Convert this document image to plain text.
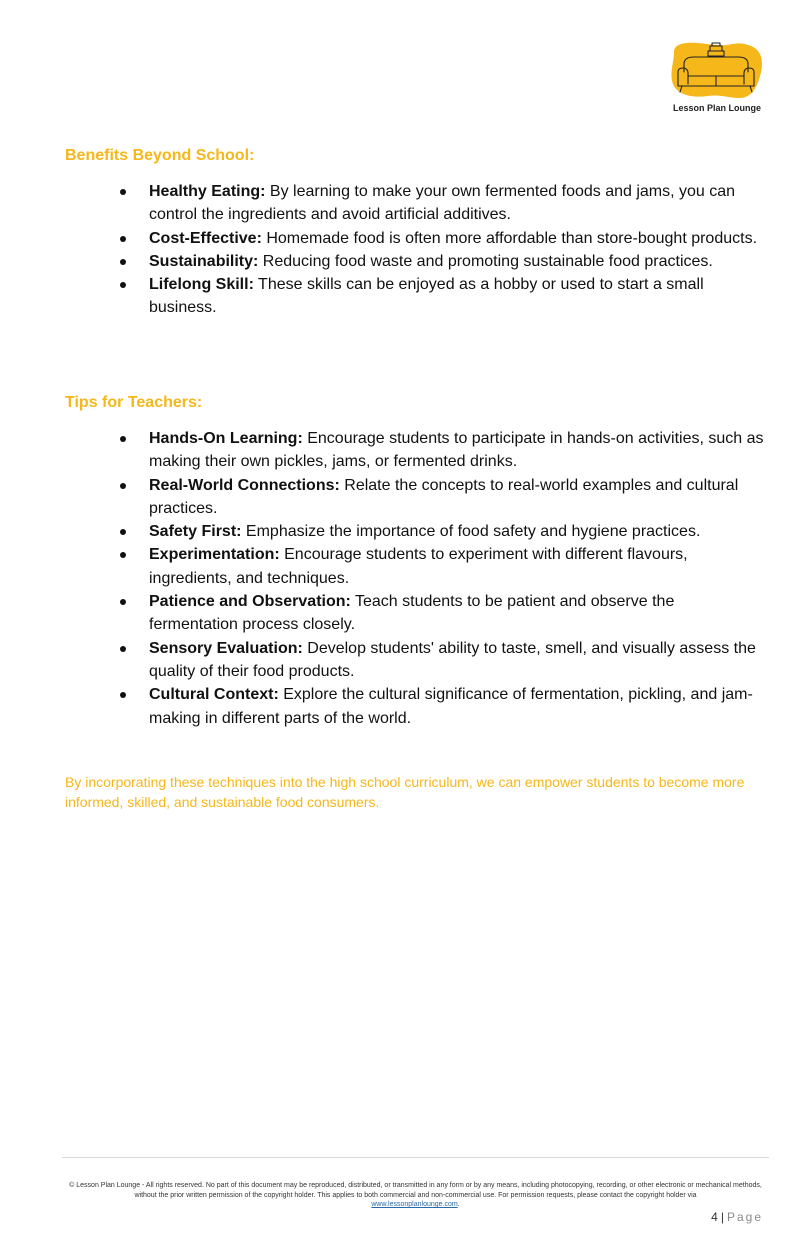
Lesson Plan Lounge
Benefits Beyond School:
Healthy Eating: By learning to make your own fermented foods and jams, you can control the ingredients and avoid artificial additives.
Cost-Effective: Homemade food is often more affordable than store-bought products.
Sustainability: Reducing food waste and promoting sustainable food practices.
Lifelong Skill: These skills can be enjoyed as a hobby or used to start a small business.
Tips for Teachers:
Hands-On Learning: Encourage students to participate in hands-on activities, such as making their own pickles, jams, or fermented drinks.
Real-World Connections: Relate the concepts to real-world examples and cultural practices.
Safety First: Emphasize the importance of food safety and hygiene practices.
Experimentation: Encourage students to experiment with different flavours, ingredients, and techniques.
Patience and Observation: Teach students to be patient and observe the fermentation process closely.
Sensory Evaluation: Develop students' ability to taste, smell, and visually assess the quality of their food products.
Cultural Context: Explore the cultural significance of fermentation, pickling, and jam-making in different parts of the world.

By incorporating these techniques into the high school curriculum, we can empower students to become more informed, skilled, and sustainable food consumers.

© Lesson Plan Lounge - All rights reserved. No part of this document may be reproduced, distributed, or transmitted in any form or by any means, including photocopying, recording, or other electronic or mechanical methods, without the prior written permission of the copyright holder. This applies to both commercial and non-commercial use. For permission requests, please contact the copyright holder via
www.lessonplanlounge.com.

4 | Page
